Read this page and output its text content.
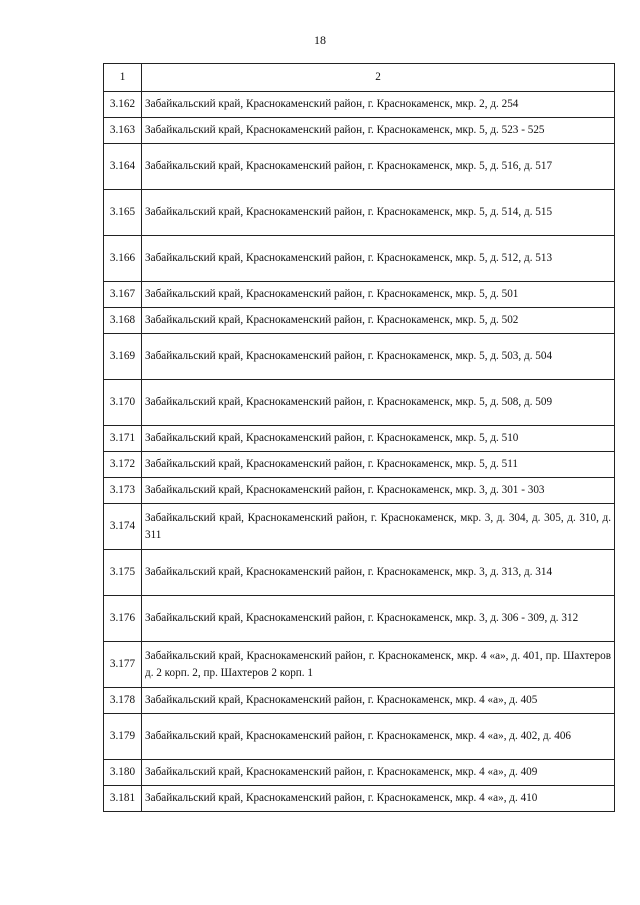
18
1	2
3.162	Забайкальский край, Краснокаменский район, г. Краснокаменск, мкр. 2, д. 254
3.163	Забайкальский край, Краснокаменский район, г. Краснокаменск, мкр. 5, д. 523 - 525
3.164	Забайкальский край, Краснокаменский район, г. Краснокаменск, мкр. 5, д. 516, д. 517
3.165	Забайкальский край, Краснокаменский район, г. Краснокаменск, мкр. 5, д. 514, д. 515
3.166	Забайкальский край, Краснокаменский район, г. Краснокаменск, мкр. 5, д. 512, д. 513
3.167	Забайкальский край, Краснокаменский район, г. Краснокаменск, мкр. 5, д. 501
3.168	Забайкальский край, Краснокаменский район, г. Краснокаменск, мкр. 5, д. 502
3.169	Забайкальский край, Краснокаменский район, г. Краснокаменск, мкр. 5, д. 503, д. 504
3.170	Забайкальский край, Краснокаменский район, г. Краснокаменск, мкр. 5, д. 508, д. 509
3.171	Забайкальский край, Краснокаменский район, г. Краснокаменск, мкр. 5, д. 510
3.172	Забайкальский край, Краснокаменский район, г. Краснокаменск, мкр. 5, д. 511
3.173	Забайкальский край, Краснокаменский район, г. Краснокаменск, мкр. 3, д. 301 - 303
3.174	Забайкальский край, Краснокаменский район, г. Краснокаменск, мкр. 3, д. 304, д. 305, д. 310, д. 311
3.175	Забайкальский край, Краснокаменский район, г. Краснокаменск, мкр. 3, д. 313, д. 314
3.176	Забайкальский край, Краснокаменский район, г. Краснокаменск, мкр. 3, д. 306 - 309, д. 312
3.177	Забайкальский край, Краснокаменский район, г. Краснокаменск, мкр. 4 «а», д. 401, пр. Шахтеров д. 2 корп. 2, пр. Шахтеров 2 корп. 1
3.178	Забайкальский край, Краснокаменский район, г. Краснокаменск, мкр. 4 «а», д. 405
3.179	Забайкальский край, Краснокаменский район, г. Краснокаменск, мкр. 4 «а», д. 402, д. 406
3.180	Забайкальский край, Краснокаменский район, г. Краснокаменск, мкр. 4 «а», д. 409
3.181	Забайкальский край, Краснокаменский район, г. Краснокаменск, мкр. 4 «а», д. 410
